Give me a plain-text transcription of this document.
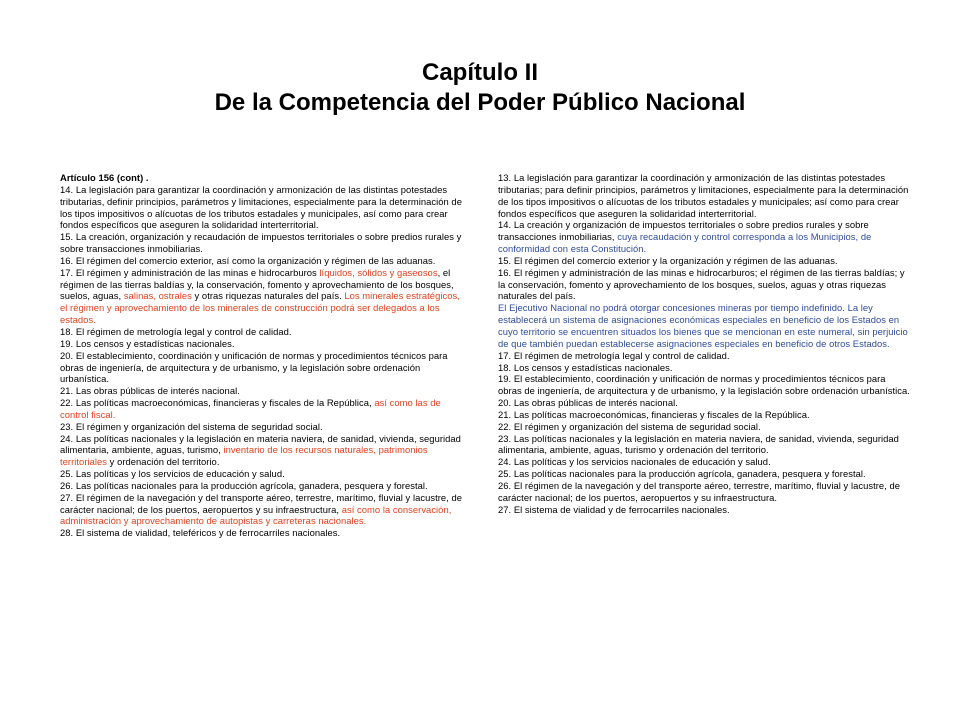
Capítulo II
De la Competencia del Poder Público Nacional
Artículo 156 (cont) .
14. La legislación para garantizar la coordinación y armonización de las distintas potestades tributarias, definir principios, parámetros y limitaciones, especialmente para la determinación de los tipos impositivos o alícuotas de los tributos estadales y municipales, así como para crear fondos específicos que aseguren la solidaridad interterritorial.
15. La creación, organización y recaudación de impuestos territoriales o sobre predios rurales y sobre transacciones inmobiliarias.
16. El régimen del comercio exterior, así como la organización y régimen de las aduanas.
17. El régimen y administración de las minas e hidrocarburos líquidos, sólidos y gaseosos, el régimen de las tierras baldías y, la conservación, fomento y aprovechamiento de los bosques, suelos, aguas, salinas, ostrales y otras riquezas naturales del país. Los minerales estratégicos, el régimen y aprovechamiento de los minerales de construcción podrá ser delegados a los estados.
18. El régimen de metrología legal y control de calidad.
19. Los censos y estadísticas nacionales.
20. El establecimiento, coordinación y unificación de normas y procedimientos técnicos para obras de ingeniería, de arquitectura y de urbanismo, y la legislación sobre ordenación urbanística.
21. Las obras públicas de interés nacional.
22. Las políticas macroeconómicas, financieras y fiscales de la República, así como las de control fiscal.
23. El régimen y organización del sistema de seguridad social.
24. Las políticas nacionales y la legislación en materia naviera, de sanidad, vivienda, seguridad alimentaria, ambiente, aguas, turismo, inventario de los recursos naturales, patrimonios territoriales y ordenación del territorio.
25. Las políticas y los servicios de educación y salud.
26. Las políticas nacionales para la producción agrícola, ganadera, pesquera y forestal.
27. El régimen de la navegación y del transporte aéreo, terrestre, marítimo, fluvial y lacustre, de carácter nacional; de los puertos, aeropuertos y su infraestructura, así como la conservación, administración y aprovechamiento de autopistas y carreteras nacionales.
28. El sistema de vialidad, teleféricos y de ferrocarriles nacionales.
13. La legislación para garantizar la coordinación y armonización de las distintas potestades tributarias; para definir principios, parámetros y limitaciones, especialmente para la determinación de los tipos impositivos o alícuotas de los tributos estadales y municipales; así como para crear fondos específicos que aseguren la solidaridad interterritorial.
14. La creación y organización de impuestos territoriales o sobre predios rurales y sobre transacciones inmobiliarias, cuya recaudación y control corresponda a los Municipios, de conformidad con esta Constitución.
15. El régimen del comercio exterior y la organización y régimen de las aduanas.
16. El régimen y administración de las minas e hidrocarburos; el régimen de las tierras baldías; y la conservación, fomento y aprovechamiento de los bosques, suelos, aguas y otras riquezas naturales del país.
El Ejecutivo Nacional no podrá otorgar concesiones mineras por tiempo indefinido. La ley establecerá un sistema de asignaciones económicas especiales en beneficio de los Estados en cuyo territorio se encuentren situados los bienes que se mencionan en este numeral, sin perjuicio de que también puedan establecerse asignaciones especiales en beneficio de otros Estados.
17. El régimen de metrología legal y control de calidad.
18. Los censos y estadísticas nacionales.
19. El establecimiento, coordinación y unificación de normas y procedimientos técnicos para obras de ingeniería, de arquitectura y de urbanismo, y la legislación sobre ordenación urbanística.
20. Las obras públicas de interés nacional.
21. Las políticas macroeconómicas, financieras y fiscales de la República.
22. El régimen y organización del sistema de seguridad social.
23. Las políticas nacionales y la legislación en materia naviera, de sanidad, vivienda, seguridad alimentaria, ambiente, aguas, turismo y ordenación del territorio.
24. Las políticas y los servicios nacionales de educación y salud.
25. Las políticas nacionales para la producción agrícola, ganadera, pesquera y forestal.
26. El régimen de la navegación y del transporte aéreo, terrestre, marítimo, fluvial y lacustre, de carácter nacional; de los puertos, aeropuertos y su infraestructura.
27. El sistema de vialidad y de ferrocarriles nacionales.
